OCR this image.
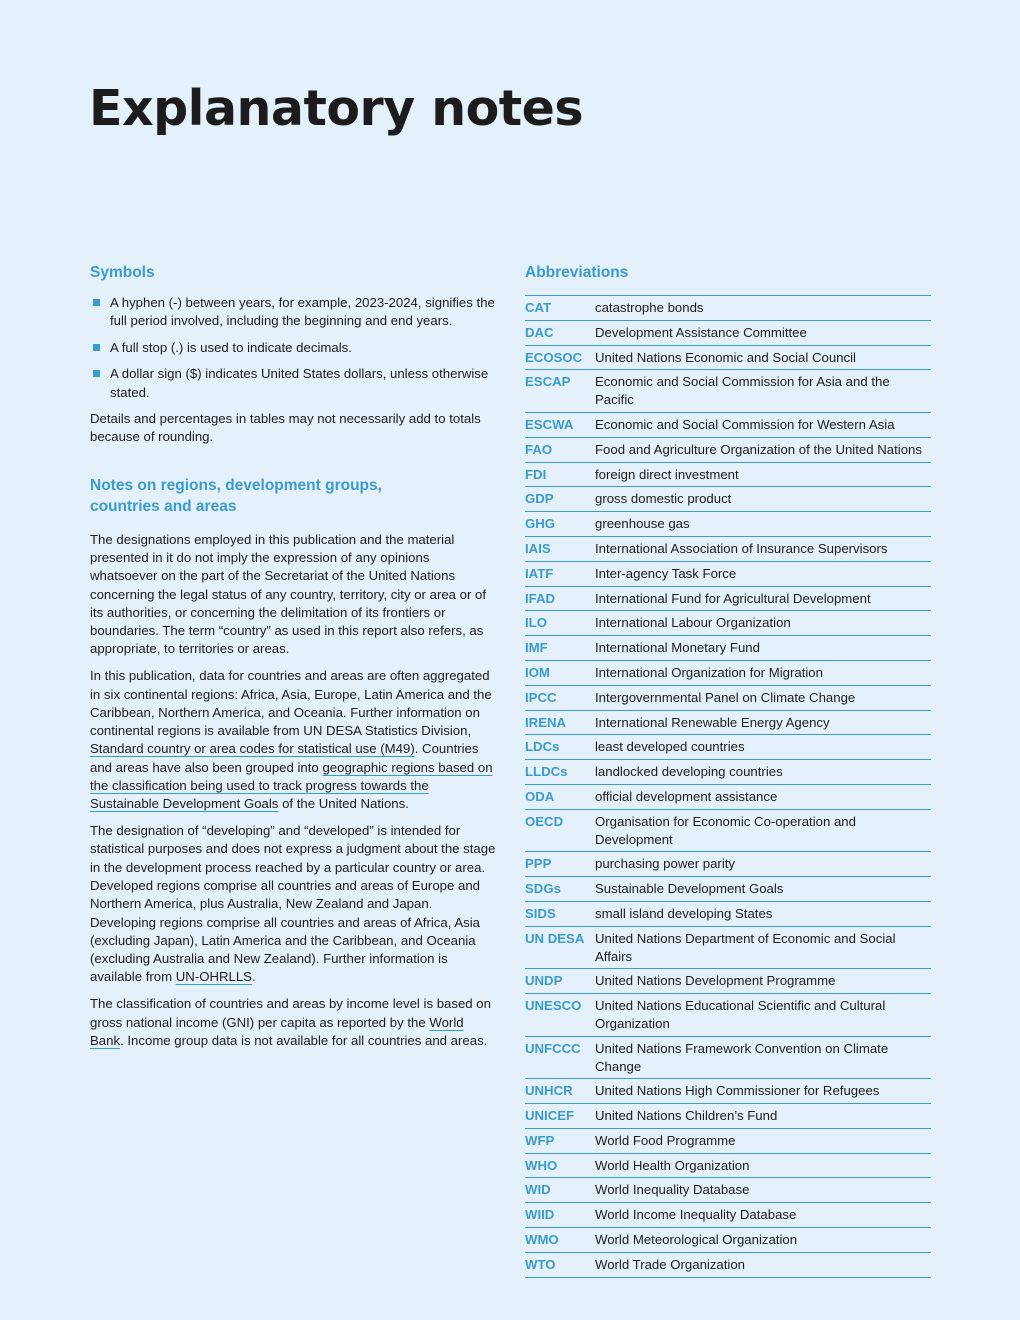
Explanatory notes
Symbols
A hyphen (-) between years, for example, 2023-2024, signifies the full period involved, including the beginning and end years.
A full stop (.) is used to indicate decimals.
A dollar sign ($) indicates United States dollars, unless otherwise stated.

Details and percentages in tables may not necessarily add to totals because of rounding.

Notes on regions, development groups, countries and areas

The designations employed in this publication and the material presented in it do not imply the expression of any opinions whatsoever on the part of the Secretariat of the United Nations concerning the legal status of any country, territory, city or area or of its authorities, or concerning the delimitation of its frontiers or boundaries. The term “country” as used in this report also refers, as appropriate, to territories or areas.

In this publication, data for countries and areas are often aggregated in six continental regions: Africa, Asia, Europe, Latin America and the Caribbean, Northern America, and Oceania. Further information on continental regions is available from UN DESA Statistics Division, Standard country or area codes for statistical use (M49). Countries and areas have also been grouped into geographic regions based on the classification being used to track progress towards the Sustainable Development Goals of the United Nations.

The designation of “developing” and “developed” is intended for statistical purposes and does not express a judgment about the stage in the development process reached by a particular country or area. Developed regions comprise all countries and areas of Europe and Northern America, plus Australia, New Zealand and Japan. Developing regions comprise all countries and areas of Africa, Asia (excluding Japan), Latin America and the Caribbean, and Oceania (excluding Australia and New Zealand). Further information is available from UN-OHRLLS.

The classification of countries and areas by income level is based on gross national income (GNI) per capita as reported by the World Bank. Income group data is not available for all countries and areas.

Abbreviations
CAT	catastrophe bonds
DAC	Development Assistance Committee
ECOSOC	United Nations Economic and Social Council
ESCAP	Economic and Social Commission for Asia and the Pacific
ESCWA	Economic and Social Commission for Western Asia
FAO	Food and Agriculture Organization of the United Nations
FDI	foreign direct investment
GDP	gross domestic product
GHG	greenhouse gas
IAIS	International Association of Insurance Supervisors
IATF	Inter-agency Task Force
IFAD	International Fund for Agricultural Development
ILO	International Labour Organization
IMF	International Monetary Fund
IOM	International Organization for Migration
IPCC	Intergovernmental Panel on Climate Change
IRENA	International Renewable Energy Agency
LDCs	least developed countries
LLDCs	landlocked developing countries
ODA	official development assistance
OECD	Organisation for Economic Co-operation and Development
PPP	purchasing power parity
SDGs	Sustainable Development Goals
SIDS	small island developing States
UN DESA	United Nations Department of Economic and Social Affairs
UNDP	United Nations Development Programme
UNESCO	United Nations Educational Scientific and Cultural Organization
UNFCCC	United Nations Framework Convention on Climate Change
UNHCR	United Nations High Commissioner for Refugees
UNICEF	United Nations Children’s Fund
WFP	World Food Programme
WHO	World Health Organization
WID	World Inequality Database
WIID	World Income Inequality Database
WMO	World Meteorological Organization
WTO	World Trade Organization
